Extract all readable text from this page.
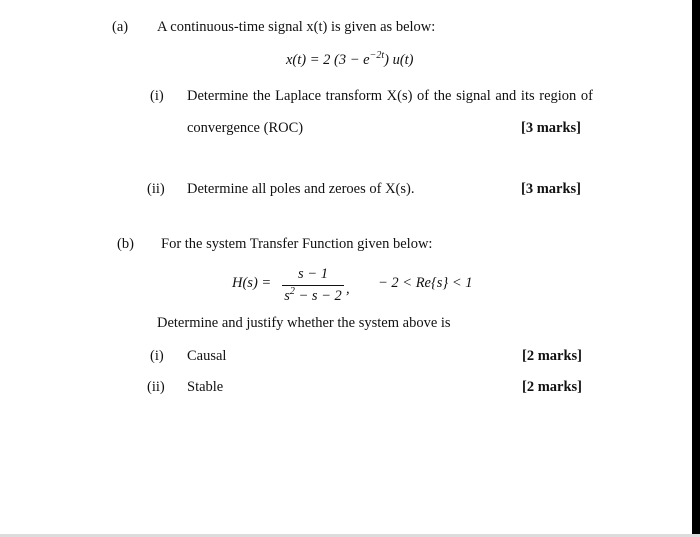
(a) A continuous-time signal x(t) is given as below:
x(t) = 2 $(3 - e^{-2t})$ u(t)
(i) Determine the Laplace transform X(s) of the signal and its region of
convergence (ROC)	[3 marks]
(ii) Determine all poles and zeroes of X(s).	[3 marks]
(b) For the system Transfer Function given below:
$H(s) = \frac{s - 1}{s^2 - s - 2}$ , − 2 < Re{s} < 1
Determine and justify whether the system above is
(i) Causal	[2 marks]
(ii) Stable	[2 marks]
